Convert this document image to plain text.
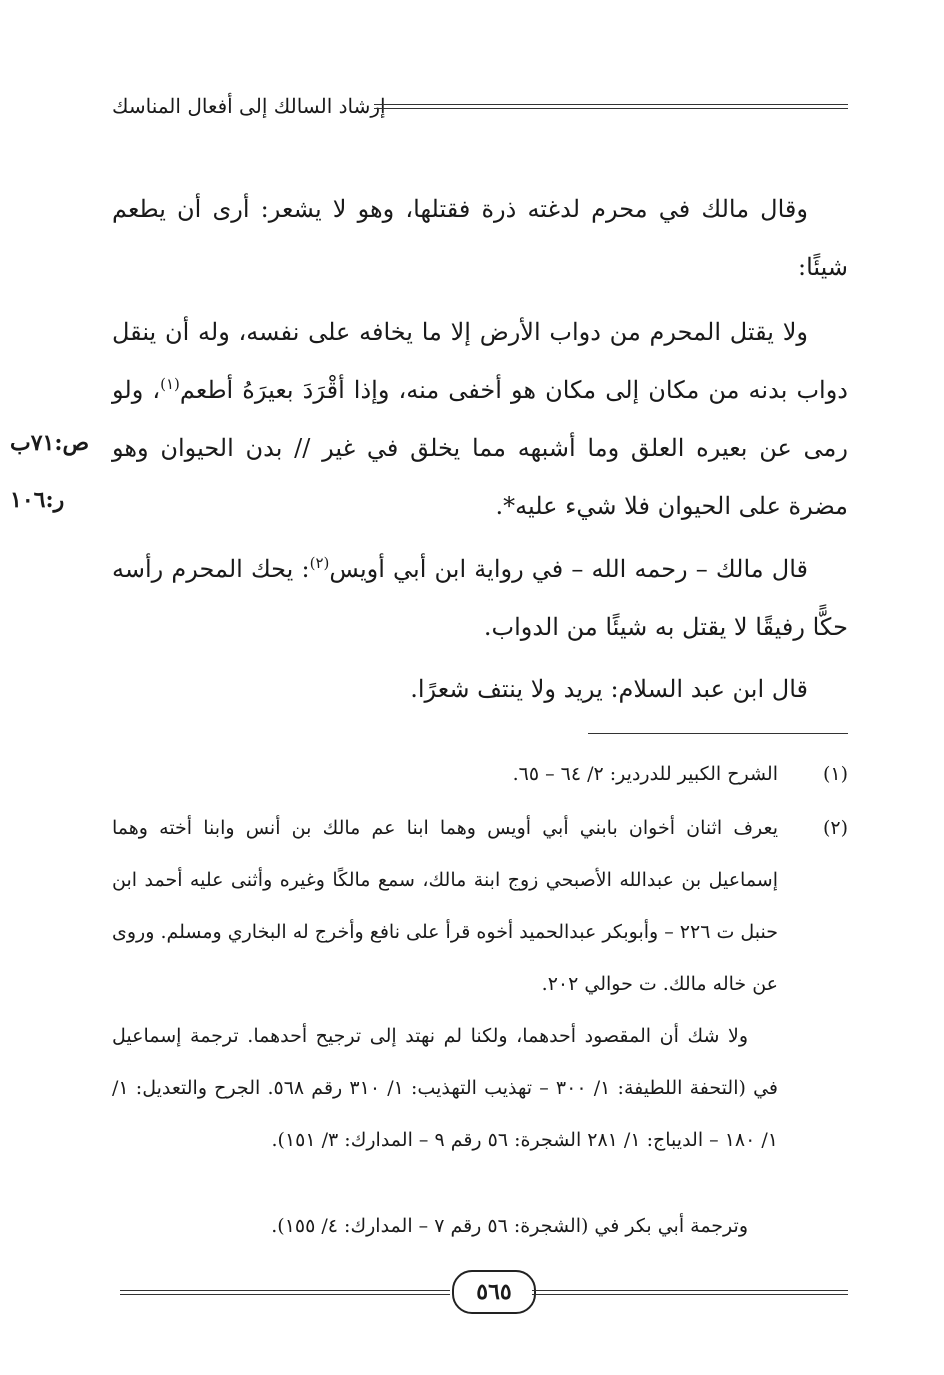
إرشاد السالك إلى أفعال المناسك

وقال مالك في محرم لدغته ذرة فقتلها، وهو لا يشعر: أرى أن يطعم شيئًا:

ولا يقتل المحرم من دواب الأرض إلا ما يخافه على نفسه، وله أن ينقل دواب بدنه من مكان إلى مكان هو أخفى منه، وإذا أقْرَدَ بعيرَهُ أطعم$^{(١)}$، ولو رمى عن بعيره العلق وما أشبهه مما يخلق في غير // بدن الحيوان وهو مضرة على الحيوان فلا شيء عليه*.

ص:٧١ب
ر:١٠٦

قال مالك – رحمه الله – في رواية ابن أبي أويس$^{(٢)}$: يحك المحرم رأسه حكًّا رفيقًا لا يقتل به شيئًا من الدواب.

قال ابن عبد السلام: يريد ولا ينتف شعرًا.

(١)
الشرح الكبير للدردير: ٢/ ٦٤ – ٦٥.
(٢)
يعرف اثنان أخوان بابني أبي أويس وهما ابنا عم مالك بن أنس وابنا أخته وهما إسماعيل بن عبدالله الأصبحي زوج ابنة مالك، سمع مالكًا وغيره وأثنى عليه أحمد ابن حنبل ت ٢٢٦ – وأبوبكر عبدالحميد أخوه قرأ على نافع وأخرج له البخاري ومسلم. وروى عن خاله مالك. ت حوالي ٢٠٢.
ولا شك أن المقصود أحدهما، ولكنا لم نهتد إلى ترجيح أحدهما. ترجمة إسماعيل في (التحفة اللطيفة: ١/ ٣٠٠ – تهذيب التهذيب: ١/ ٣١٠ رقم ٥٦٨. الجرح والتعديل: ١/ ١/ ١٨٠ – الديباج: ١/ ٢٨١ الشجرة: ٥٦ رقم ٩ – المدارك: ٣/ ١٥١).
وترجمة أبي بكر في (الشجرة: ٥٦ رقم ٧ – المدارك: ٤/ ١٥٥).
٥٦٥
